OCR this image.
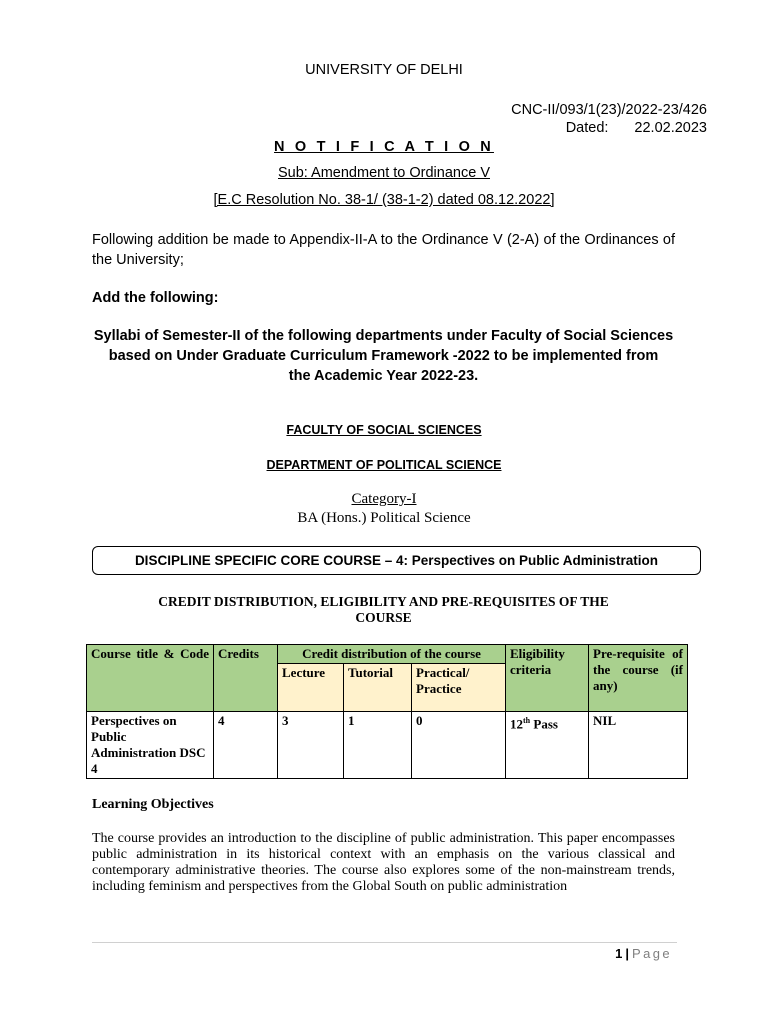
UNIVERSITY OF DELHI
CNC-II/093/1(23)/2022-23/426
Dated: 22.02.2023
N O T I F I C A T I O N
Sub: Amendment to Ordinance V
[E.C Resolution No. 38-1/ (38-1-2) dated 08.12.2022]
Following addition be made to Appendix-II-A to the Ordinance V (2-A) of the Ordinances of the University;
Add the following:
Syllabi of Semester-II of the following departments under Faculty of Social Sciences
based on Under Graduate Curriculum Framework -2022 to be implemented from
the Academic Year 2022-23.
FACULTY OF SOCIAL SCIENCES
DEPARTMENT OF POLITICAL SCIENCE
Category-I
BA (Hons.) Political Science
DISCIPLINE SPECIFIC CORE COURSE – 4: Perspectives on Public Administration
CREDIT DISTRIBUTION, ELIGIBILITY AND PRE-REQUISITES OF THE
COURSE
Course title & Code	Credits	Credit distribution of the course			Eligibility criteria	Pre-requisite of the course (if any)
		Lecture	Tutorial	Practical/ Practice		
Perspectives on Public Administration DSC 4	4	3	1	0	12th Pass	NIL
Learning Objectives
The course provides an introduction to the discipline of public administration. This paper encompasses public administration in its historical context with an emphasis on the various classical and contemporary administrative theories. The course also explores some of the non-mainstream trends, including feminism and perspectives from the Global South on public administration
1 | Page
